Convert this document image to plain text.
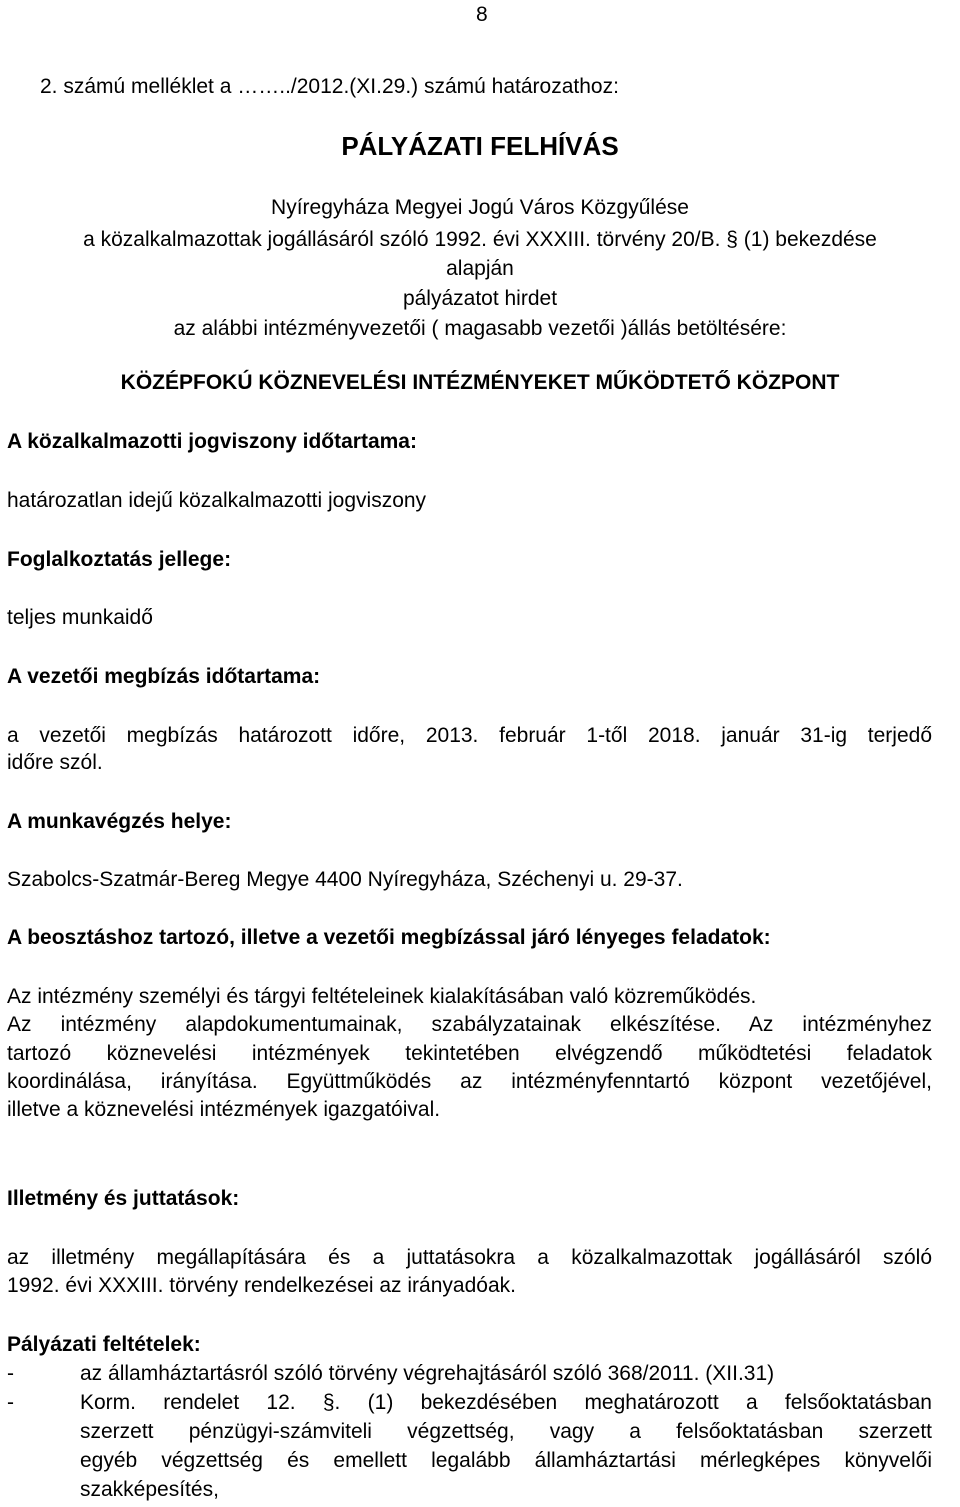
8
2. számú melléklet a ……../2012.(XI.29.) számú határozathoz:
PÁLYÁZATI FELHÍVÁS
Nyíregyháza Megyei Jogú Város Közgyűlése
a közalkalmazottak jogállásáról szóló 1992. évi XXXIII. törvény 20/B. § (1) bekezdése
alapján
pályázatot hirdet
az alábbi intézményvezetői ( magasabb vezetői )állás betöltésére:
KÖZÉPFOKÚ KÖZNEVELÉSI INTÉZMÉNYEKET MŰKÖDTETŐ KÖZPONT
A közalkalmazotti jogviszony időtartama:
határozatlan idejű közalkalmazotti jogviszony
Foglalkoztatás jellege:
teljes munkaidő
A vezetői megbízás időtartama:
a vezetői megbízás határozott időre, 2013. február 1-től 2018. január 31-ig terjedő
időre szól.
A munkavégzés helye:
Szabolcs-Szatmár-Bereg Megye 4400 Nyíregyháza, Széchenyi u. 29-37.
A beosztáshoz tartozó, illetve a vezetői megbízással járó lényeges feladatok:
Az intézmény személyi és tárgyi feltételeinek kialakításában való közreműködés.
Az intézmény alapdokumentumainak, szabályzatainak elkészítése. Az intézményhez
tartozó köznevelési intézmények tekintetében elvégzendő működtetési feladatok
koordinálása, irányítása. Együttműködés az intézményfenntartó központ vezetőjével,
illetve a köznevelési intézmények igazgatóival.
Illetmény és juttatások:
az illetmény megállapítására és a juttatásokra a közalkalmazottak jogállásáról szóló
1992. évi XXXIII. törvény rendelkezései az irányadóak.
Pályázati feltételek:
-	az államháztartásról szóló törvény végrehajtásáról szóló 368/2011. (XII.31)
-	Korm. rendelet 12. §. (1) bekezdésében meghatározott a felsőoktatásban
szerzett pénzügyi-számviteli végzettség, vagy a felsőoktatásban szerzett
egyéb végzettség és emellett legalább államháztartási mérlegképes könyvelői
szakképesítés,
